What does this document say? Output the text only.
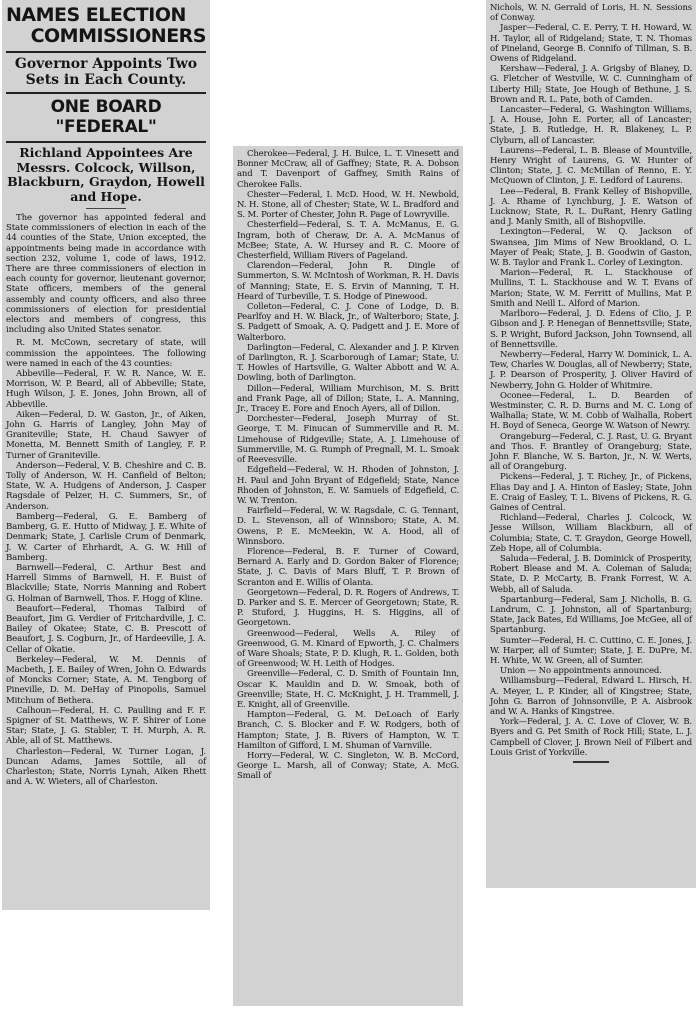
NAMES ELECTION
COMMISSIONERS
Governor Appoints Two Sets in Each County.
ONE BOARD "FEDERAL"
Richland Appointees Are Messrs. Colcock, Willson, Blackburn, Graydon, Howell and Hope.

The governor has appointed federal and State commissioners of election in each of the 44 counties of the State, Union excepted, the appointments being made in accordance with section 232, volume 1, code of laws, 1912. There are three commissioners of election in each county for governor, lieutenant governor, State officers, members of the general assembly and county officers, and also three commissioners of election for presidential electors and members of congress, this including also United States senator.

R. M. McCown, secretary of state, will commission the appointees. The following were named in each of the 43 counties:

Abbeville—Federal, F. W. R. Nance, W. E. Morrison, W. P. Beard, all of Abbeville; State, Hugh Wilson, J. E. Jones, John Brown, all of Abbeville.

Aiken—Federal, D. W. Gaston, Jr., of Aiken, John G. Harris of Langley, John May of Graniteville; State, H. Chaud Sawyer of Monetta, M. Bennett Smith of Langley, F. P. Turner of Graniteville.

Anderson—Federal, V. B. Cheshire and C. B. Tolly of Anderson, W. H. Canfield of Belton; State, W. A. Hudgens of Anderson, J. Casper Ragsdale of Pelzer, H. C. Summers, Sr., of Anderson.

Bamberg—Federal, G. E. Bamberg of Bamberg, G. E. Hutto of Midway, J. E. White of Denmark; State, J. Carlisle Crum of Denmark, J. W. Carter of Ehrhardt, A. G. W. Hill of Bamberg.

Barnwell—Federal, C. Arthur Best and Harrell Simms of Barnwell, H. F. Buist of Blackville; State, Norris Manning and Robert G. Holman of Barnwell, Thos. F. Hogg of Kline.

Beaufort—Federal, Thomas Talbird of Beaufort, Jim G. Verdier of Fritchardville, J. C. Bailey of Okatee; State, C. B. Prescott of Beaufort, J. S. Cogburn, Jr., of Hardeeville, J. A. Cellar of Okatie.

Berkeley—Federal, W. M. Dennis of Macbeth, J. E. Bailey of Wren, John O. Edwards of Moncks Corner; State, A. M. Tengborg of Pineville, D. M. DeHay of Pinopolis, Samuel Mitchum of Bethera.

Calhoun—Federal, H. C. Paulling and F. F. Spigner of St. Matthews, W. F. Shirer of Lone Star; State, J. G. Stabler, T. H. Murph, A. R. Able, all of St. Matthews.

Charleston—Federal, W. Turner Logan, J. Duncan Adams, James Sottile, all of Charleston; State, Norris Lynah, Aiken Rhett and A. W. Wieters, all of Charleston.

Cherokee—Federal, J. H. Bulce, L. T. Vinesett and Bonner McCraw, all of Gaffney; State, R. A. Dobson and T. Davenport of Gaffney, Smith Rains of Cherokee Falls.

Chester—Federal, I. McD. Hood, W. H. Newbold, N. H. Stone, all of Chester; State, W. L. Bradford and S. M. Porter of Chester, John R. Page of Lowryville.

Chesterfield—Federal, S. T. A. McManus, E. G. Ingram, both of Cheraw, Dr. A. A. McManus of McBee; State, A. W. Hursey and R. C. Moore of Chesterfield, William Rivers of Pageland.

Clarendon—Federal, John R. Dingle of Summerton, S. W. McIntosh of Workman, R. H. Davis of Manning; State, E. S. Ervin of Manning, T. H. Heard of Turbeville, T. S. Hodge of Pinewood.

Colleton—Federal, C. J. Cone of Lodge, D. B. Pearlfoy and H. W. Black, Jr., of Walterboro; State, J. S. Padgett of Smoak, A. Q. Padgett and J. E. More of Walterboro.

Darlington—Federal, C. Alexander and J. P. Kirven of Darlington, R. J. Scarborough of Lamar; State, U. T. Howles of Hartsville, G. Walter Abbott and W. A. Dowling, both of Darlington.

Dillon—Federal, William Murchison, M. S. Britt and Frank Page, all of Dillon; State, L. A. Manning, Jr., Tracey E. Fore and Enoch Ayers, all of Dillon.

Dorchester—Federal, Joseph Murray of St. George, T. M. Finucan of Summerville and R. M. Limehouse of Ridgeville; State, A. J. Limehouse of Summerville, M. G. Rumph of Pregnall, M. L. Smoak of Reevesville.

Edgefield—Federal, W. H. Rhoden of Johnston, J. H. Paul and John Bryant of Edgefield; State, Nance Rhoden of Johnston, E. W. Samuels of Edgefield, C. W. W. Trenton.

Fairfield—Federal, W. W. Ragsdale, C. G. Tennant, D. L. Stevenson, all of Winnsboro; State, A. M. Owens, P. E. McMeekin, W. A. Hood, all of Winnsboro.

Florence—Federal, B. F. Turner of Coward, Bernard A. Early and D. Gordon Baker of Florence; State, J. C. Davis of Mars Bluff, T. P. Brown of Scranton and E. Willis of Olanta.

Georgetown—Federal, D. R. Rogers of Andrews, T. D. Parker and S. E. Mercer of Georgetown; State, R. P. Stuford, J. Huggins, H. S. Higgins, all of Georgetown.

Greenwood—Federal, Wells A. Riley of Greenwood, G. M. Kinard of Epworth, J. C. Chalmers of Ware Shoals; State, P. D. Klugh, R. L. Golden, both of Greenwood; W. H. Leith of Hodges.

Greenville—Federal, C. D. Smith of Fountain Inn, Oscar K. Mauldin and D. W. Smoak, both of Greenville; State, H. C. McKnight, J. H. Trammell, J. E. Knight, all of Greenville.

Hampton—Federal, G. M. DeLoach of Early Branch, C. S. Blocker and F. W. Rodgers, both of Hampton; State, J. B. Rivers of Hampton, W. T. Hamilton of Gifford, I. M. Shuman of Varnville.

Horry—Federal, W. C. Singleton, W. B. McCord, George L. Marsh, all of Conway; State, A. McG. Small of

Nichols, W. N. Gerrald of Loris, H. N. Sessions of Conway.

Jasper—Federal, C. E. Perry, T. H. Howard, W. H. Taylor, all of Ridgeland; State, T. N. Thomas of Pineland, George B. Connifo of Tillman, S. B. Owens of Ridgeland.

Kershaw—Federal, J. A. Grigsby of Blaney, D. G. Fletcher of Westville, W. C. Cunningham of Liberty Hill; State, Joe Hough of Bethune, J. S. Brown and R. L. Pate, both of Camden.

Lancaster—Federal, G. Washington Williams, J. A. House, John E. Porter, all of Lancaster; State, J. B. Rutledge, H. R. Blakeney, L. P. Clyburn, all of Lancaster.

Laurens—Federal, L. B. Blease of Mountville, Henry Wright of Laurens, G. W. Hunter of Clinton; State, J. C. McMillan of Renno, E. Y. McQuown of Clinton, J. E. Ledford of Laurens.

Lee—Federal, B. Frank Kelley of Bishopville, J. A. Rhame of Lynchburg, J. E. Watson of Lucknow; State, R. L. DuRant, Henry Gatling and J. Manly Smith, all of Bishopville.

Lexington—Federal, W. Q. Jackson of Swansea, Jim Mims of New Brookland, O. L. Mayer of Peak; State, J. B. Goodwin of Gaston, W. B. Taylor and Frank L. Corley of Lexington.

Marion—Federal, R. L. Stackhouse of Mullins, T. L. Stackhouse and W. T. Evans of Marion; State, W. M. Ferritt of Mullins, Mat P. Smith and Neill L. Alford of Marion.

Marlboro—Federal, J. D. Edens of Clio, J. P. Gibson and J. P. Henegan of Bennettsville; State, S. P. Wright, Buford Jackson, John Townsend, all of Bennettsville.

Newberry—Federal, Harry W. Dominick, L. A. Tew, Charles W. Douglas, all of Newberry; State, J. P. Dearson of Prosperity, J. Oliver Havird of Newberry, John G. Holder of Whitmire.

Oconee—Federal, L. D. Bearden of Westminster, C. R. D. Burns and M. C. Long of Walhalla; State, W. M. Cobb of Walhalla, Robert H. Boyd of Seneca, George W. Watson of Newry.

Orangeburg—Federal, C. J. Rast, U. G. Bryant and Thos. F. Brantley of Orangeburg; State, John F. Blanche, W. S. Barton, Jr., N. W. Werts, all of Orangeburg.

Pickens—Federal, J. T. Richey, Jr., of Pickens, Elias Day and J. A. Hinton of Easley; State, John E. Craig of Easley, T. L. Bivens of Pickens, R. G. Gaines of Central.

Richland—Federal, Charles J. Colcock, W. Jesse Willson, William Blackburn, all of Columbia; State, C. T. Graydon, George Howell, Zeb Hope, all of Columbia.

Saluda—Federal, J. B. Dominick of Prosperity, Robert Blease and M. A. Coleman of Saluda; State, D. P. McCarty, B. Frank Forrest, W. A. Webb, all of Saluda.

Spartanburg—Federal, Sam J. Nicholls, B. G. Landrum, C. J. Johnston, all of Spartanburg; State, Jack Bates, Ed Williams, Joe McGee, all of Spartanburg.

Sumter—Federal, H. C. Cuttino, C. E. Jones, J. W. Harper, all of Sumter; State, J. E. DuPre, M. H. White, W. W. Green, all of Sumter.

Union — No appointments announced.

Williamsburg—Federal, Edward L. Hirsch, H. A. Meyer, L. P. Kinder, all of Kingstree; State, John G. Barron of Johnsonville, P. A. Aisbrook and W. A. Hanks of Kingstree.

York—Federal, J. A. C. Love of Clover, W. B. Byers and G. Pet Smith of Rock Hill; State, L. J. Campbell of Clover, J. Brown Neil of Filbert and Louis Grist of Yorkville.
